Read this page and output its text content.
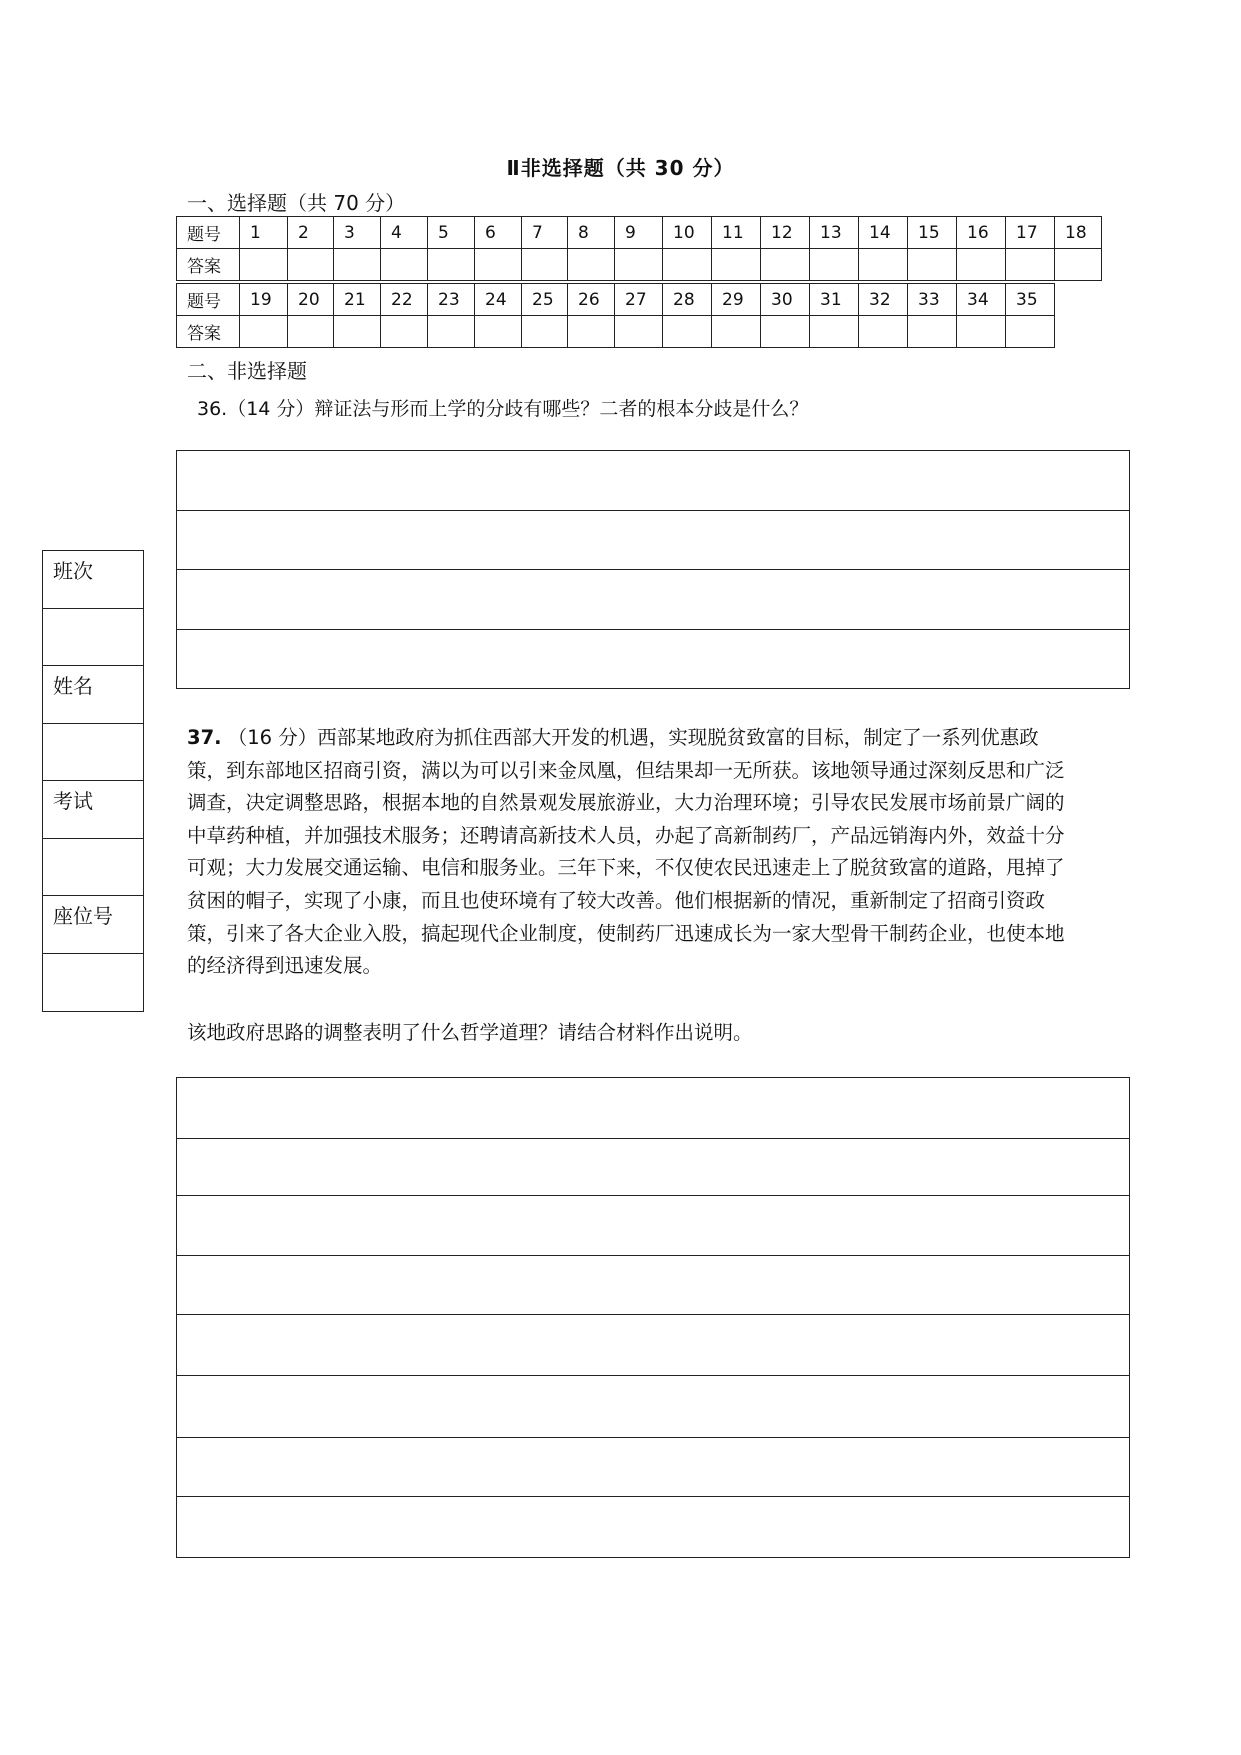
Ⅱ非选择题（共 30 分）
一、选择题（共 70 分）
题号	1	2	3	4	5	6	7	8	9	10	11	12	13	14	15	16	17	18
答案																		
题号	19	20	21	22	23	24	25	26	27	28	29	30	31	32	33	34	35
答案																	
二、非选择题
36.（14 分）辩证法与形而上学的分歧有哪些？二者的根本分歧是什么？
班次
姓名
考试
座位号
37. （16 分）西部某地政府为抓住西部大开发的机遇，实现脱贫致富的目标，制定了一系列优惠政策，到东部地区招商引资，满以为可以引来金凤凰，但结果却一无所获。该地领导通过深刻反思和广泛调查，决定调整思路，根据本地的自然景观发展旅游业，大力治理环境；引导农民发展市场前景广阔的中草药种植，并加强技术服务；还聘请高新技术人员，办起了高新制药厂，产品远销海内外，效益十分可观；大力发展交通运输、电信和服务业。三年下来，不仅使农民迅速走上了脱贫致富的道路，甩掉了贫困的帽子，实现了小康，而且也使环境有了较大改善。他们根据新的情况，重新制定了招商引资政策，引来了各大企业入股，搞起现代企业制度，使制药厂迅速成长为一家大型骨干制药企业，也使本地的经济得到迅速发展。
该地政府思路的调整表明了什么哲学道理？请结合材料作出说明。
